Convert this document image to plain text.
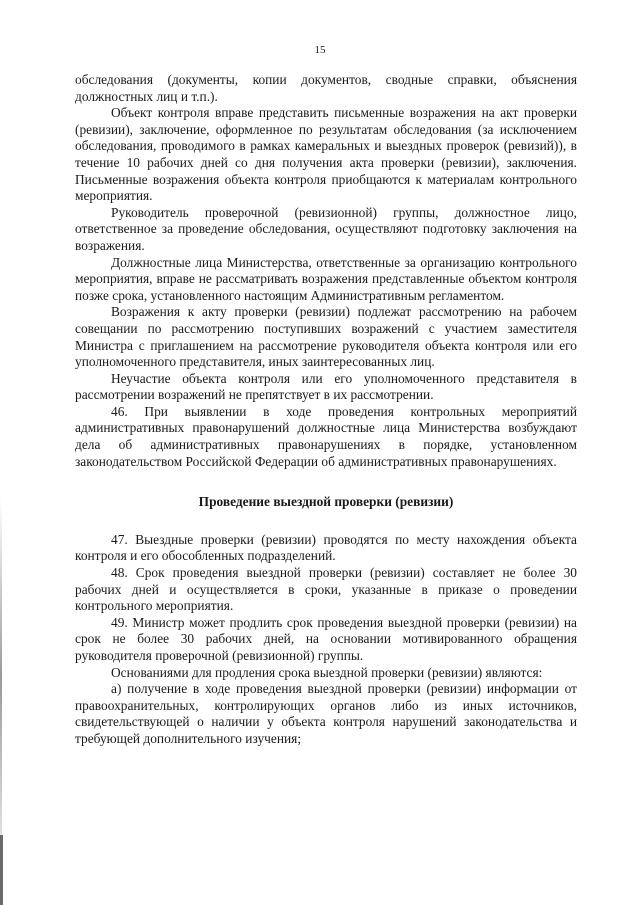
15

обследования (документы, копии документов, сводные справки, объяснения должностных лиц и т.п.).

Объект контроля вправе представить письменные возражения на акт проверки (ревизии), заключение, оформленное по результатам обследования (за исключением обследования, проводимого в рамках камеральных и выездных проверок (ревизий)), в течение 10 рабочих дней со дня получения акта проверки (ревизии), заключения. Письменные возражения объекта контроля приобщаются к материалам контрольного мероприятия.

Руководитель проверочной (ревизионной) группы, должностное лицо, ответственное за проведение обследования, осуществляют подготовку заключения на возражения.

Должностные лица Министерства, ответственные за организацию контрольного мероприятия, вправе не рассматривать возражения представленные объектом контроля позже срока, установленного настоящим Административным регламентом.

Возражения к акту проверки (ревизии) подлежат рассмотрению на рабочем совещании по рассмотрению поступивших возражений с участием заместителя Министра с приглашением на рассмотрение руководителя объекта контроля или его уполномоченного представителя, иных заинтересованных лиц.

Неучастие объекта контроля или его уполномоченного представителя в рассмотрении возражений не препятствует в их рассмотрении.

46. При выявлении в ходе проведения контрольных мероприятий административных правонарушений должностные лица Министерства возбуждают дела об административных правонарушениях в порядке, установленном законодательством Российской Федерации об административных правонарушениях.

Проведение выездной проверки (ревизии)

47. Выездные проверки (ревизии) проводятся по месту нахождения объекта контроля и его обособленных подразделений.

48. Срок проведения выездной проверки (ревизии) составляет не более 30 рабочих дней и осуществляется в сроки, указанные в приказе о проведении контрольного мероприятия.

49. Министр может продлить срок проведения выездной проверки (ревизии) на срок не более 30 рабочих дней, на основании мотивированного обращения руководителя проверочной (ревизионной) группы.

Основаниями для продления срока выездной проверки (ревизии) являются:

а) получение в ходе проведения выездной проверки (ревизии) информации от правоохранительных, контролирующих органов либо из иных источников, свидетельствующей о наличии у объекта контроля нарушений законодательства и требующей дополнительного изучения;
